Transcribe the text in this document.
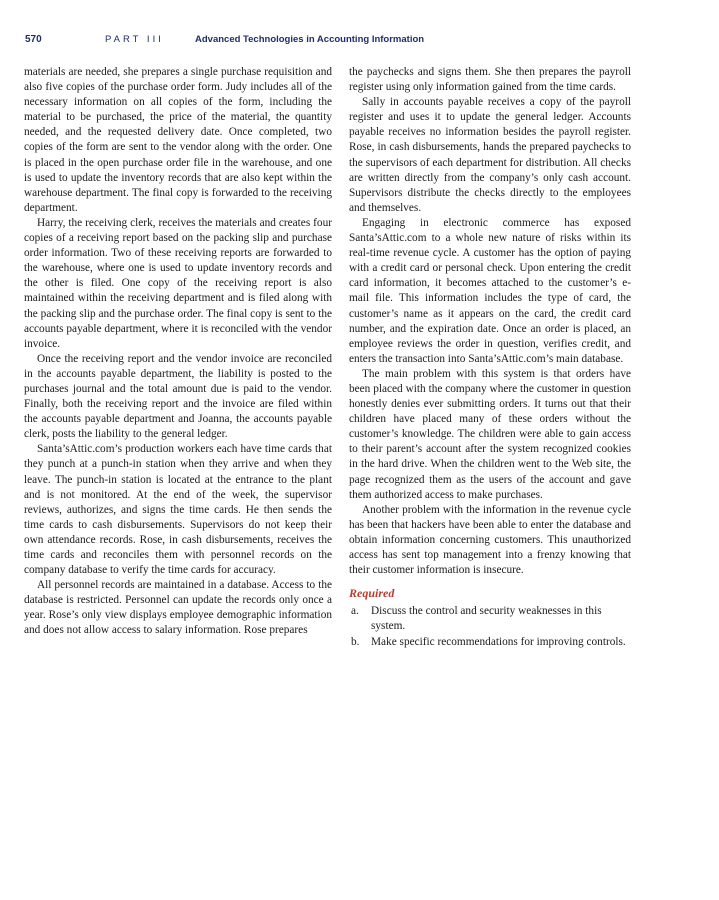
570	PART III	Advanced Technologies in Accounting Information

materials are needed, she prepares a single purchase requisition and also five copies of the purchase order form. Judy includes all of the necessary information on all copies of the form, including the material to be purchased, the price of the material, the quantity needed, and the requested delivery date. Once completed, two copies of the form are sent to the vendor along with the order. One is placed in the open purchase order file in the warehouse, and one is used to update the inventory records that are also kept within the warehouse department. The final copy is forwarded to the receiving department.

Harry, the receiving clerk, receives the materials and creates four copies of a receiving report based on the packing slip and purchase order information. Two of these receiving reports are forwarded to the warehouse, where one is used to update inventory records and the other is filed. One copy of the receiving report is also maintained within the receiving department and is filed along with the packing slip and the purchase order. The final copy is sent to the accounts payable department, where it is reconciled with the vendor invoice.

Once the receiving report and the vendor invoice are reconciled in the accounts payable department, the liability is posted to the purchases journal and the total amount due is paid to the vendor. Finally, both the receiving report and the invoice are filed within the accounts payable department and Joanna, the accounts payable clerk, posts the liability to the general ledger.

Santa’sAttic.com’s production workers each have time cards that they punch at a punch-in station when they arrive and when they leave. The punch-in station is located at the entrance to the plant and is not monitored. At the end of the week, the supervisor reviews, authorizes, and signs the time cards. He then sends the time cards to cash disbursements. Supervisors do not keep their own attendance records. Rose, in cash disbursements, receives the time cards and reconciles them with personnel records on the company database to verify the time cards for accuracy.

All personnel records are maintained in a database. Access to the database is restricted. Personnel can update the records only once a year. Rose’s only view displays employee demographic information and does not allow access to salary information. Rose prepares

the paychecks and signs them. She then prepares the payroll register using only information gained from the time cards.

Sally in accounts payable receives a copy of the payroll register and uses it to update the general ledger. Accounts payable receives no information besides the payroll register. Rose, in cash disbursements, hands the prepared paychecks to the supervisors of each department for distribution. All checks are written directly from the company’s only cash account. Supervisors distribute the checks directly to the employees and themselves.

Engaging in electronic commerce has exposed Santa’sAttic.com to a whole new nature of risks within its real-time revenue cycle. A customer has the option of paying with a credit card or personal check. Upon entering the credit card information, it becomes attached to the customer’s e-mail file. This information includes the type of card, the customer’s name as it appears on the card, the credit card number, and the expiration date. Once an order is placed, an employee reviews the order in question, verifies credit, and enters the transaction into Santa’sAttic.com’s main database.

The main problem with this system is that orders have been placed with the company where the customer in question honestly denies ever submitting orders. It turns out that their children have placed many of these orders without the customer’s knowledge. The children were able to gain access to their parent’s account after the system recognized cookies in the hard drive. When the children went to the Web site, the page recognized them as the users of the account and gave them authorized access to make purchases.

Another problem with the information in the revenue cycle has been that hackers have been able to enter the database and obtain information concerning customers. This unauthorized access has sent top management into a frenzy knowing that their customer information is insecure.

Required
a.	Discuss the control and security weaknesses in this system.
b.	Make specific recommendations for improving controls.
